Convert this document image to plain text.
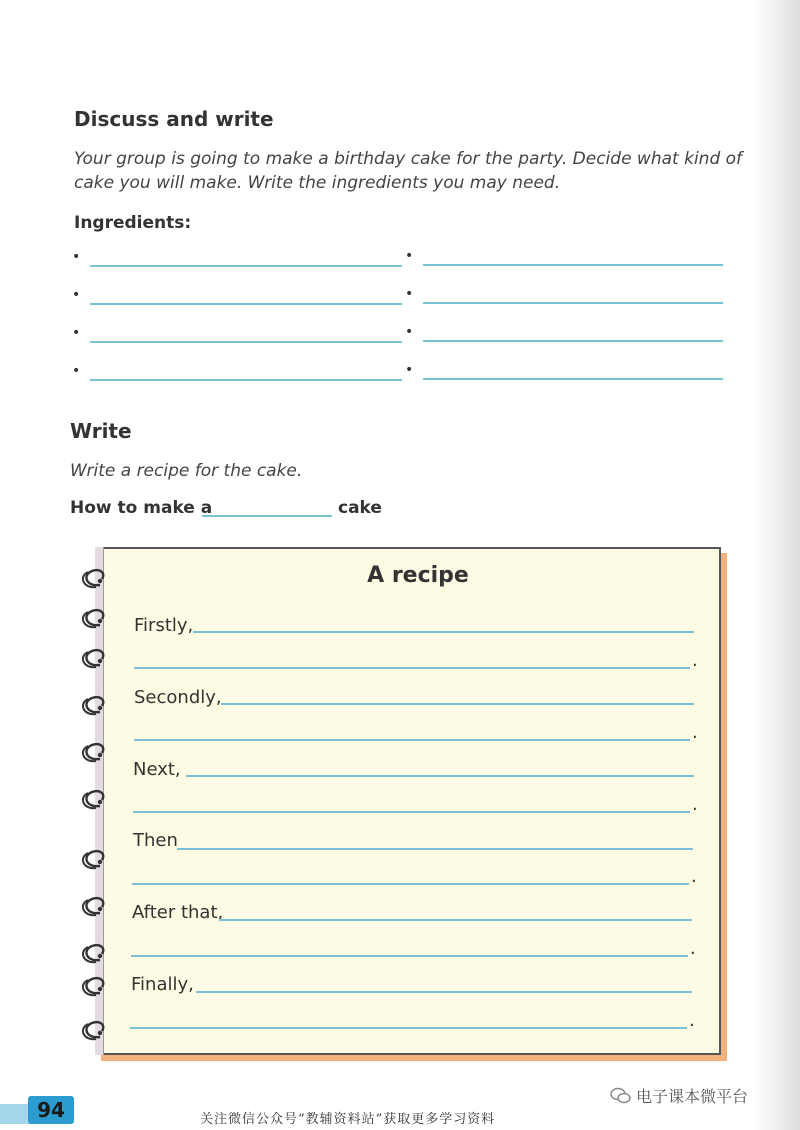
Discuss and write
Your group is going to make a birthday cake for the party. Decide what kind of
cake you will make. Write the ingredients you may need.
Ingredients:
•
•
•
•
•
•
•
•
Write
Write a recipe for the cake.
How to make a	cake
A recipe
Firstly,
.
Secondly,
.
Next,
.
Then
.
After that,
.
Finally,
.
94	关注微信公众号“教辅资料站”获取更多学习资料
电子课本微平台
